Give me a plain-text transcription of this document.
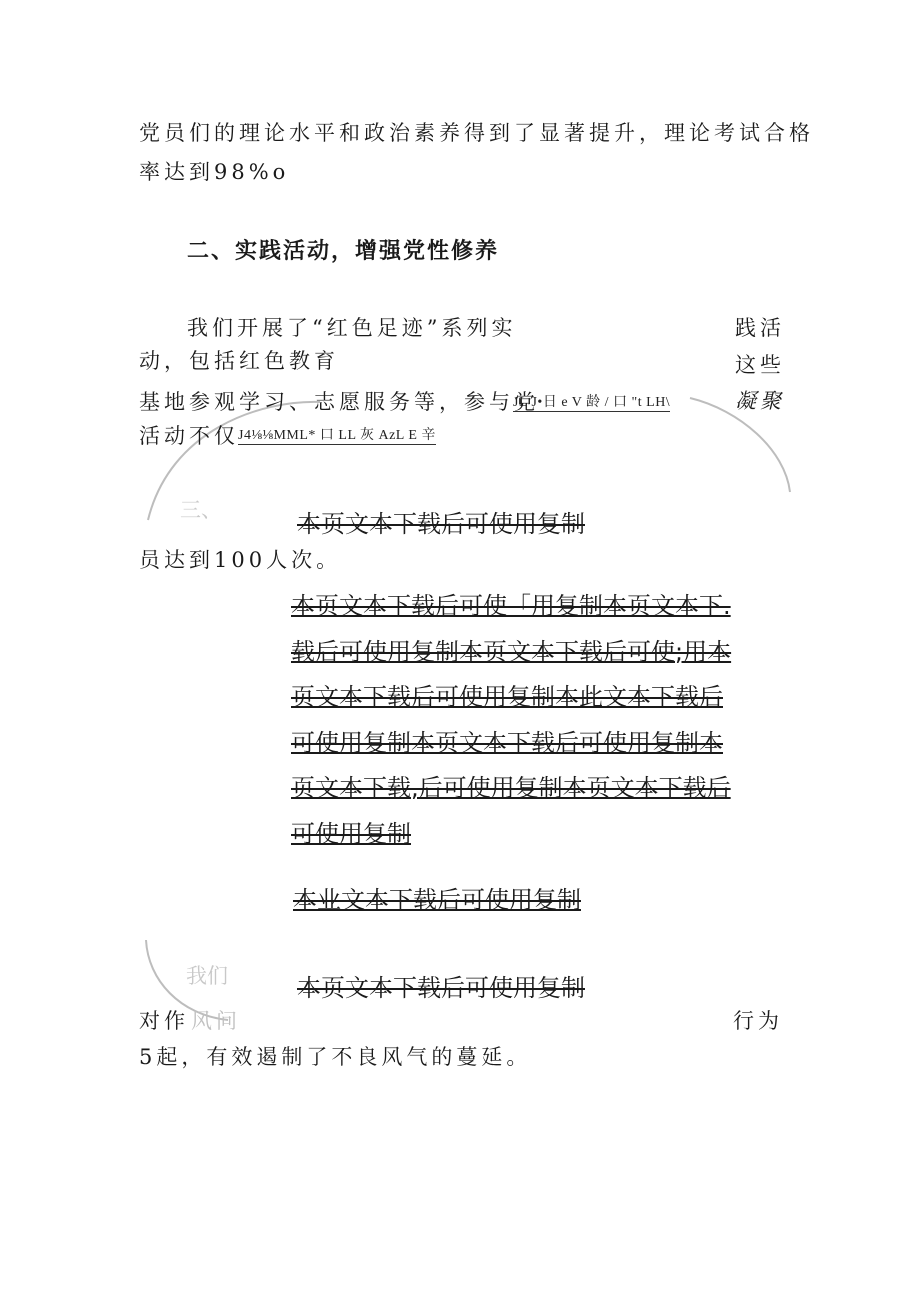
党员们的理论水平和政治素养得到了显著提升，理论考试合格
率达到98%o
二、实践活动，增强党性修养
我们开展了“红色足迹”系列实	践活
动，包括红色教育	这些
基地参观学习、志愿服务等，参与党
JL J•日 e V 龄 / 口 "t LH\	凝聚
活动不仅 J4⅛⅛MML* 口 LL 灰 AzL E 辛
三、	本页文本下载后可使用复制
员达到100人次。
本页文本下载后可使「用复制本页文本下.
载后可使用复制本页文本下载后可使;用本
页文本下载后可使用复制本此文本下载后
可使用复制本页文本下载后可使用复制本
页文本下载,后可使用复制本页文本下载后
可使用复制
本业文本下载后可使用复制
我们	本页文本下载后可使用复制
对作 风问	行为
5起，有效遏制了不良风气的蔓延。
